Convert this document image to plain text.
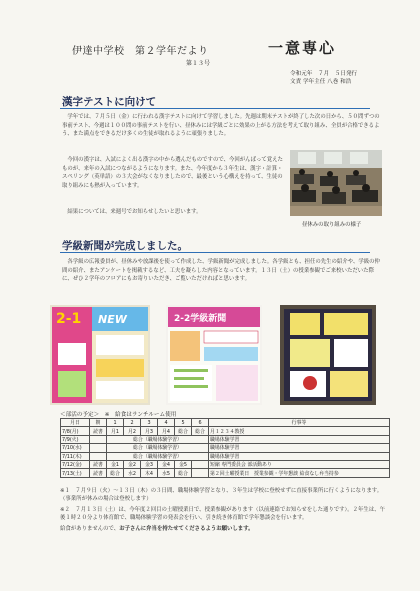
伊達中学校　第２学年だより	一意専心
第１３号
令和元年　７月　５日発行
文責 学年主任 八巻 和浩
漢字テストに向けて
　学年では、７月５日（金）に行われる漢字テストに向けて学習しました。先週は期末テストが終了した次の日から、５０問ずつの事前テスト、今週は１００問の事前テストを行い、昼休みには学級ごとに効果の上がる方法を考えて取り組み、全員が合格できるよう、また満点をできるだけ多くの生徒が取れるように頑張りました。
　今回の漢字は、入試によく出る漢字の中から選んだものですので、今回がんばって覚えたものが、来年の入試につながるようになります。また、今年度から３年生は、漢字・計算・スペリング（英単語）の３大会がなくなりましたので、最後という心構えを持って、生徒の取り組みにも熱が入っています。
　結果については、来週号でお知らせしたいと思います。
昼休みの取り組みの様子
学級新聞が完成しました。
　各学級の広報委員が、昼休みや放課後を使って作成した、学級新聞が完成しました。各学級とも、担任の先生の紹介や、学級の仲間の紹介、またアンケートを掲載するなど、工夫を凝らした内容となっています。１３日（土）の授業参観でご来校いただいた際に、ぜひ２学年のフロアにもお寄りいただき、ご覧いただければと思います。
2-1 NEW	2-2学級新聞
＜部活の予定＞　※　給食はランチルーム使用
月日	朝	1	2	3	4	5	6	行事等
7/8(月)	読書	月1	月2	月3	月4	総合	総合	月１２３４教授
7/9(火)		総合（職場体験学習）						職場体験学習
7/10(水)		総合（職場体験学習）						職場体験学習
7/11(木)		総合（職場体験学習）						職場体験学習
7/12(金)	読書	金1	金2	金3	金4	金5		短縮 専門委員会 部活動あり
7/13(土)	読書	総合	水2	木4	水5	総合		第２回土曜授業日　授業参観・学年懇談 給食なし弁当持参
※１　７月９日（火）～１３日（木）の３日間、職場体験学習となり、３年生は学校に登校せずに直接事業所に行くようになります。（事業所が休みの場合は登校します）
※２　７月１３日（土）は、今年度２回目の土曜授業日で、授業参観があります（以前連絡でお知らせをした通りです）。２年生は、午後１時２０分より体育館で、職場体験学習の発表会を行い、引き続き体育館で学年懇談会を行います。
給食がありませんので、お子さんに弁当を持たせてくださるようお願いします。
